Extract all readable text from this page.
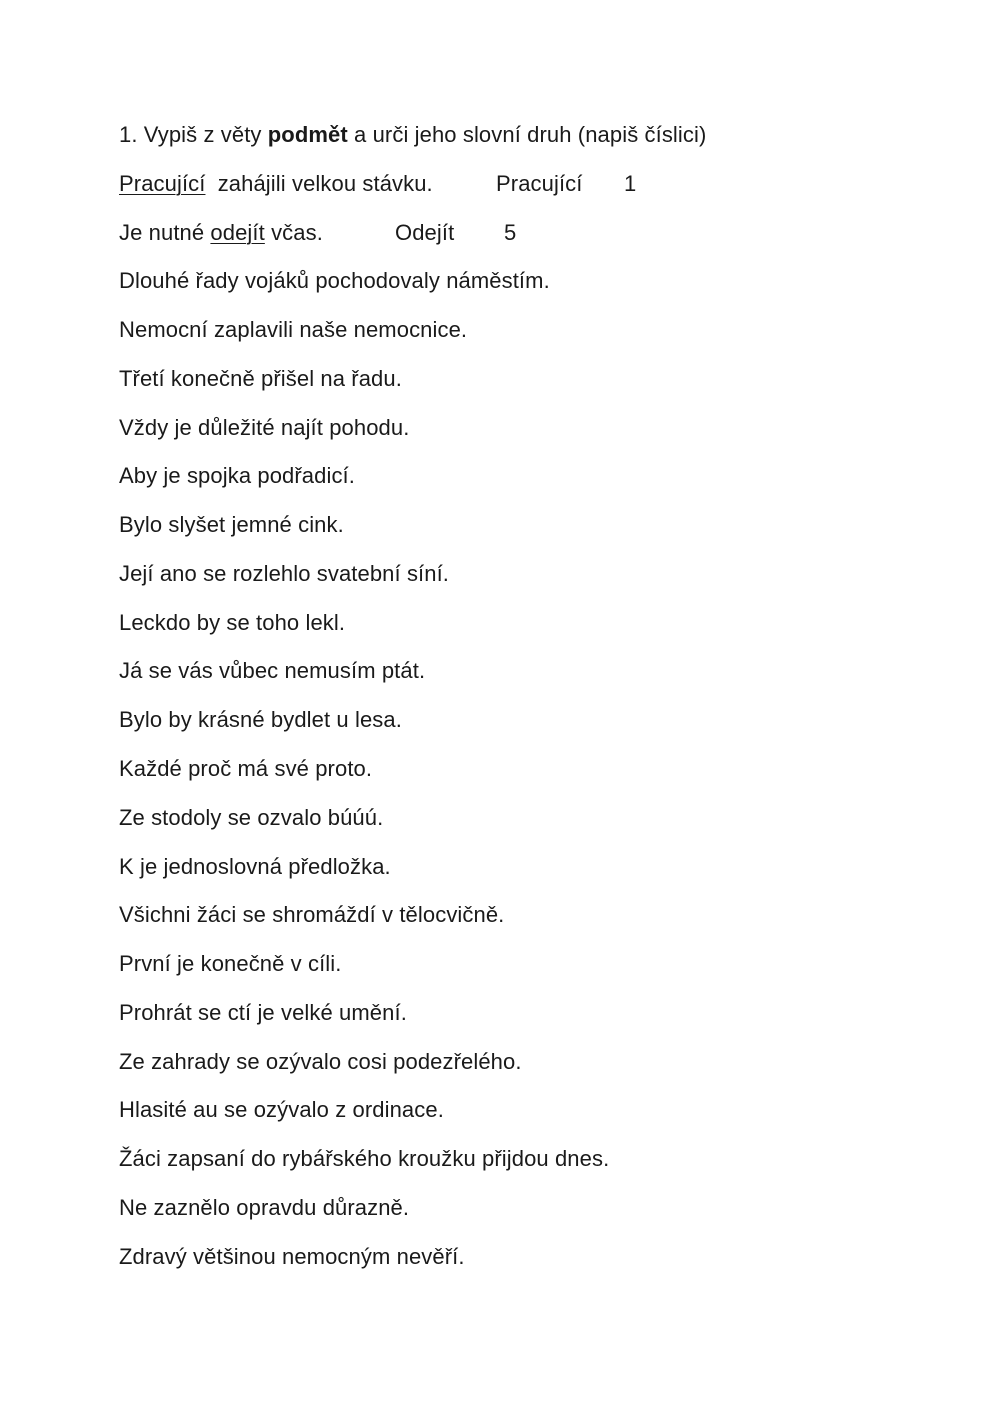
1. Vypiš z věty podmět a urči jeho slovní druh (napiš číslici)
Pracující zahájili velkou stávku.	Pracující 1
Je nutné odejít včas.	Odejít 5
Dlouhé řady vojáků pochodovaly náměstím.
Nemocní zaplavili naše nemocnice.
Třetí konečně přišel na řadu.
Vždy je důležité najít pohodu.
Aby je spojka podřadicí.
Bylo slyšet jemné cink.
Její ano se rozlehlo svatební síní.
Leckdo by se toho lekl.
Já se vás vůbec nemusím ptát.
Bylo by krásné bydlet u lesa.
Každé proč má své proto.
Ze stodoly se ozvalo búúú.
K je jednoslovná předložka.
Všichni žáci se shromáždí v tělocvičně.
První je konečně v cíli.
Prohrát se ctí je velké umění.
Ze zahrady se ozývalo cosi podezřelého.
Hlasité au se ozývalo z ordinace.
Žáci zapsaní do rybářského kroužku přijdou dnes.
Ne zaznělo opravdu důrazně.
Zdravý většinou nemocným nevěří.
